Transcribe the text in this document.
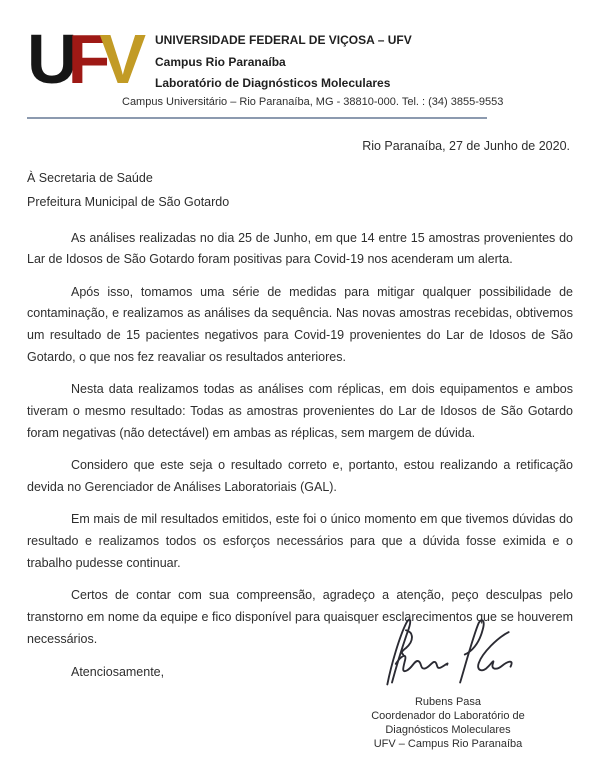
UFV	UNIVERSIDADE FEDERAL DE VIÇOSA – UFV
Campus Rio Paranaíba
Laboratório de Diagnósticos Moleculares
Campus Universitário – Rio Paranaíba, MG - 38810-000. Tel. : (34) 3855-9553
Rio Paranaíba, 27 de Junho de 2020.
À Secretaria de Saúde
Prefeitura Municipal de São Gotardo

As análises realizadas no dia 25 de Junho, em que 14 entre 15 amostras provenientes do Lar de Idosos de São Gotardo foram positivas para Covid-19 nos acenderam um alerta.

Após isso, tomamos uma série de medidas para mitigar qualquer possibilidade de contaminação, e realizamos as análises da sequência. Nas novas amostras recebidas, obtivemos um resultado de 15 pacientes negativos para Covid-19 provenientes do Lar de Idosos de São Gotardo, o que nos fez reavaliar os resultados anteriores.

Nesta data realizamos todas as análises com réplicas, em dois equipamentos e ambos tiveram o mesmo resultado: Todas as amostras provenientes do Lar de Idosos de São Gotardo foram negativas (não detectável) em ambas as réplicas, sem margem de dúvida.

Considero que este seja o resultado correto e, portanto, estou realizando a retificação devida no Gerenciador de Análises Laboratoriais (GAL).

Em mais de mil resultados emitidos, este foi o único momento em que tivemos dúvidas do resultado e realizamos todos os esforços necessários para que a dúvida fosse eximida e o trabalho pudesse continuar.

Certos de contar com sua compreensão, agradeço a atenção, peço desculpas pelo transtorno em nome da equipe e fico disponível para quaisquer esclarecimentos que se houverem necessários.

Atenciosamente,
Rubens Pasa
Coordenador do Laboratório de
Diagnósticos Moleculares
UFV – Campus Rio Paranaíba
